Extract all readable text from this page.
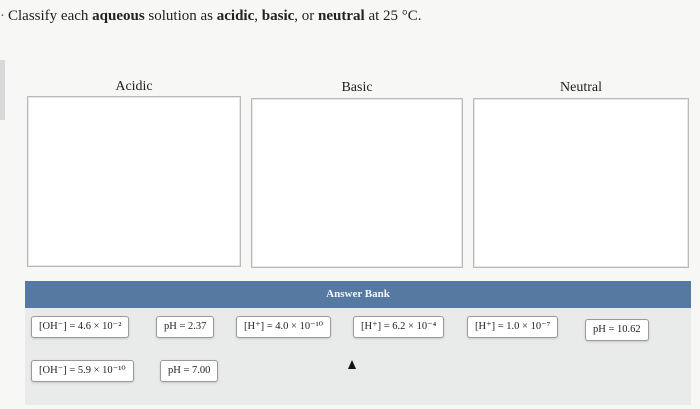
· Classify each aqueous solution as acidic, basic, or neutral at 25 °C.
Acidic	Basic	Neutral
Answer Bank
[OH⁻] = 4.6 × 10⁻²	pH = 2.37	[H⁺] = 4.0 × 10⁻¹⁰	[H⁺] = 6.2 × 10⁻⁴	[H⁺] = 1.0 × 10⁻⁷	pH = 10.62
[OH⁻] = 5.9 × 10⁻¹⁰	pH = 7.00
